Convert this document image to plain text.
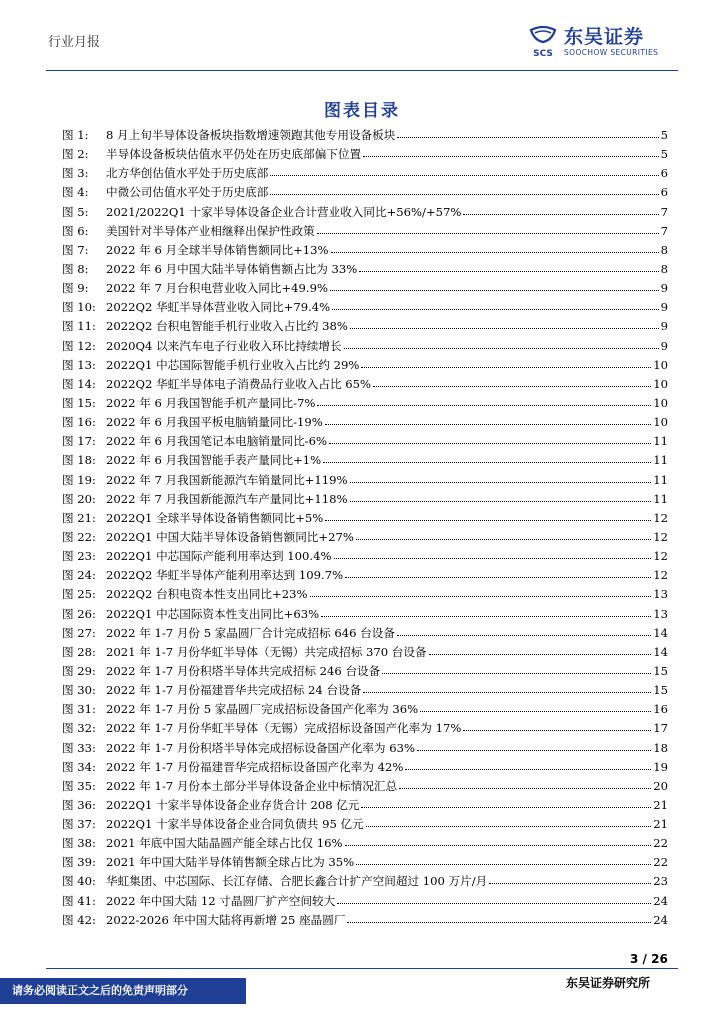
行业月报
SCS
东吴证券
SOOCHOW SECURITIES
图表目录
图 1:	8 月上旬半导体设备板块指数增速领跑其他专用设备板块	5
图 2:	半导体设备板块估值水平仍处在历史底部偏下位置	5
图 3:	北方华创估值水平处于历史底部	6
图 4:	中微公司估值水平处于历史底部	6
图 5:	2021/2022Q1 十家半导体设备企业合计营业收入同比+56%/+57%	7
图 6:	美国针对半导体产业相继释出保护性政策	7
图 7:	2022 年 6 月全球半导体销售额同比+13%	8
图 8:	2022 年 6 月中国大陆半导体销售额占比为 33%	8
图 9:	2022 年 7 月台积电营业收入同比+49.9%	9
图 10: 2022Q2 华虹半导体营业收入同比+79.4%	9
图 11: 2022Q2 台积电智能手机行业收入占比约 38%	9
图 12: 2020Q4 以来汽车电子行业收入环比持续增长	9
图 13: 2022Q1 中芯国际智能手机行业收入占比约 29%	10
图 14: 2022Q2 华虹半导体电子消费品行业收入占比 65%	10
图 15: 2022 年 6 月我国智能手机产量同比-7%	10
图 16: 2022 年 6 月我国平板电脑销量同比-19%	10
图 17: 2022 年 6 月我国笔记本电脑销量同比-6%	11
图 18: 2022 年 6 月我国智能手表产量同比+1%	11
图 19: 2022 年 7 月我国新能源汽车销量同比+119%	11
图 20: 2022 年 7 月我国新能源汽车产量同比+118%	11
图 21: 2022Q1 全球半导体设备销售额同比+5%	12
图 22: 2022Q1 中国大陆半导体设备销售额同比+27%	12
图 23: 2022Q1 中芯国际产能利用率达到 100.4%	12
图 24: 2022Q2 华虹半导体产能利用率达到 109.7%	12
图 25: 2022Q2 台积电资本性支出同比+23%	13
图 26: 2022Q1 中芯国际资本性支出同比+63%	13
图 27: 2022 年 1-7 月份 5 家晶圆厂合计完成招标 646 台设备	14
图 28: 2021 年 1-7 月份华虹半导体（无锡）共完成招标 370 台设备	14
图 29: 2022 年 1-7 月份积塔半导体共完成招标 246 台设备	15
图 30: 2022 年 1-7 月份福建晋华共完成招标 24 台设备	15
图 31: 2022 年 1-7 月份 5 家晶圆厂完成招标设备国产化率为 36%	16
图 32: 2022 年 1-7 月份华虹半导体（无锡）完成招标设备国产化率为 17%	17
图 33: 2022 年 1-7 月份积塔半导体完成招标设备国产化率为 63%	18
图 34: 2022 年 1-7 月份福建晋华完成招标设备国产化率为 42%	19
图 35: 2022 年 1-7 月份本土部分半导体设备企业中标情况汇总	20
图 36: 2022Q1 十家半导体设备企业存货合计 208 亿元	21
图 37: 2022Q1 十家半导体设备企业合同负债共 95 亿元	21
图 38: 2021 年底中国大陆晶圆产能全球占比仅 16%	22
图 39: 2021 年中国大陆半导体销售额全球占比为 35%	22
图 40: 华虹集团、中芯国际、长江存储、合肥长鑫合计扩产空间超过 100 万片/月	23
图 41: 2022 年中国大陆 12 寸晶圆厂扩产空间较大	24
图 42: 2022-2026 年中国大陆将再新增 25 座晶圆厂	24
3 / 26
请务必阅读正文之后的免责声明部分
东吴证券研究所
